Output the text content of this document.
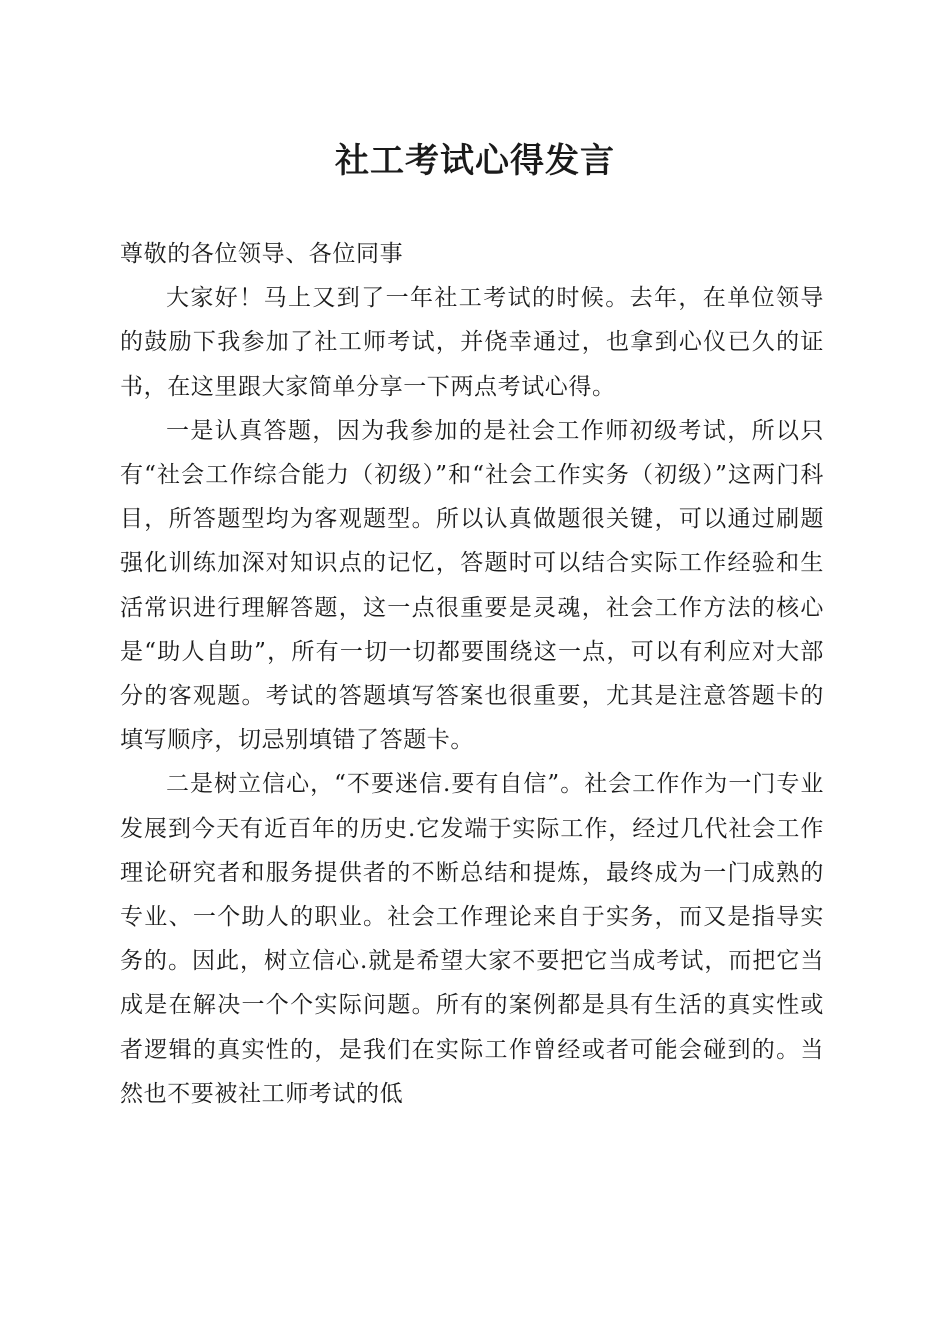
社工考试心得发言

尊敬的各位领导、各位同事

大家好！马上又到了一年社工考试的时候。去年，在单位领导的鼓励下我参加了社工师考试，并侥幸通过，也拿到心仪已久的证书，在这里跟大家简单分享一下两点考试心得。

一是认真答题，因为我参加的是社会工作师初级考试，所以只有“社会工作综合能力（初级）”和“社会工作实务（初级）”这两门科目，所答题型均为客观题型。所以认真做题很关键，可以通过刷题强化训练加深对知识点的记忆，答题时可以结合实际工作经验和生活常识进行理解答题，这一点很重要是灵魂，社会工作方法的核心是“助人自助”，所有一切一切都要围绕这一点，可以有利应对大部分的客观题。考试的答题填写答案也很重要，尤其是注意答题卡的填写顺序，切忌别填错了答题卡。

二是树立信心，“不要迷信.要有自信”。社会工作作为一门专业发展到今天有近百年的历史.它发端于实际工作，经过几代社会工作理论研究者和服务提供者的不断总结和提炼，最终成为一门成熟的专业、一个助人的职业。社会工作理论来自于实务，而又是指导实务的。因此，树立信心.就是希望大家不要把它当成考试，而把它当成是在解决一个个实际问题。所有的案例都是具有生活的真实性或者逻辑的真实性的，是我们在实际工作曾经或者可能会碰到的。当然也不要被社工师考试的低
